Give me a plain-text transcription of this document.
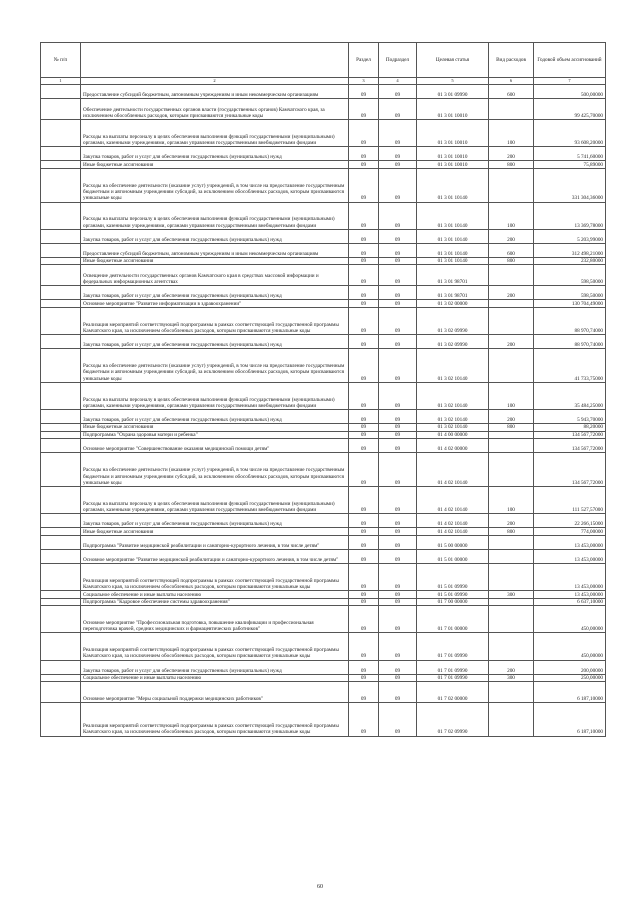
№ п/п		Раздел	Подраздел	Целевая статья	Вид расходов	Годовой объем ассигнований
1	2	3	4	5	6	7
	Предоставление субсидий бюджетным, автономным учреждениям и иным некоммерческим организациям	09	09	01 3 01 09990	600	500,00000
	Обеспечение деятельности государственных органов власти (государственных органов) Камчатского края, за исключением обособленных расходов, которым присваиваются уникальные коды	09	09	01 3 01 10010		99 425,70000
	Расходы на выплаты персоналу в целях обеспечения выполнения функций государственными (муниципальными) органами, казенными учреждениями, органами управления государственными внебюджетными фондами	09	09	01 3 01 10010	100	93 608,20000
	Закупка товаров, работ и услуг для обеспечения государственных (муниципальных) нужд	09	09	01 3 01 10010	200	5 741,60000
	Иные бюджетные ассигнования	09	09	01 3 01 10010	800	75,89000
	Расходы на обеспечение деятельности (оказание услуг) учреждений, в том числе на предоставление государственным бюджетным и автономным учреждениям субсидий, за исключением обособленных расходов, которым присваиваются уникальные коды	09	09	01 3 01 10140		331 304,36000
	Расходы на выплаты персоналу в целях обеспечения выполнения функций государственными (муниципальными) органами, казенными учреждениями, органами управления государственными внебюджетными фондами	09	09	01 3 01 10140	100	13 369,78000
	Закупка товаров, работ и услуг для обеспечения государственных (муниципальных) нужд	09	09	01 3 01 10140	200	5 203,99000
	Предоставление субсидий бюджетным, автономным учреждениям и иным некоммерческим организациям	09	09	01 3 01 10140	600	312 498,21000
	Иные бюджетные ассигнования	09	09	01 3 01 10140	800	232,80000
	Освещение деятельности государственных органов Камчатского края в средствах массовой информации и федеральных информационных агентствах	09	09	01 3 01 98701		598,50000
	Закупка товаров, работ и услуг для обеспечения государственных (муниципальных) нужд	09	09	01 3 01 98701	200	598,50000
	Основное мероприятие "Развитие информатизации в здравоохранении"	09	09	01 3 02 00000		130 704,49000
	Реализация мероприятий соответствующей подпрограммы в рамках соответствующей государственной программы Камчатского края, за исключением обособленных расходов, которым присваиваются уникальные коды	09	09	01 3 02 09990		88 970,74000
	Закупка товаров, работ и услуг для обеспечения государственных (муниципальных) нужд	09	09	01 3 02 09990	200	88 970,74000
	Расходы на обеспечение деятельности (оказание услуг) учреждений, в том числе на предоставление государственным бюджетным и автономным учреждениям субсидий, за исключением обособленных расходов, которым присваиваются уникальные коды	09	09	01 3 02 10140		41 733,75000
	Расходы на выплаты персоналу в целях обеспечения выполнения функций государственными (муниципальными) органами, казенными учреждениями, органами управления государственными внебюджетными фондами	09	09	01 3 02 10140	100	35 484,25000
	Закупка товаров, работ и услуг для обеспечения государственных (муниципальных) нужд	09	09	01 3 02 10140	200	5 943,70000
	Иные бюджетные ассигнования	09	09	01 3 02 10140	800	88,20000
	Подпрограмма "Охрана здоровья матери и ребенка"	09	09	01 4 00 00000		134 567,72000
	Основное мероприятие "Совершенствование оказания медицинской помощи детям"	09	09	01 4 02 00000		134 567,72000
	Расходы на обеспечение деятельности (оказание услуг) учреждений, в том числе на предоставление государственным бюджетным и автономным учреждениям субсидий, за исключением обособленных расходов, которым присваиваются уникальные коды	09	09	01 4 02 10140		134 567,72000
	Расходы на выплаты персоналу в целях обеспечения выполнения функций государственными (муниципальными) органами, казенными учреждениями, органами управления государственными внебюджетными фондами	09	09	01 4 02 10140	100	111 527,57000
	Закупка товаров, работ и услуг для обеспечения государственных (муниципальных) нужд	09	09	01 4 02 10140	200	22 266,15000
	Иные бюджетные ассигнования	09	09	01 4 02 10140	800	774,00000
	Подпрограмма "Развитие медицинской реабилитации и санаторно-курортного лечения, в том числе детям"	09	09	01 5 00 00000		13 453,00000
	Основное мероприятие "Развитие медицинской реабилитации и санаторно-курортного лечения, в том числе детям"	09	09	01 5 01 00000		13 453,00000
	Реализация мероприятий соответствующей подпрограммы в рамках соответствующей государственной программы Камчатского края, за исключением обособленных расходов, которым присваиваются уникальные коды	09	09	01 5 01 09990		13 453,00000
	Социальное обеспечение и иные выплаты населению	09	09	01 5 01 09990	300	13 453,00000
	Подпрограмма "Кадровое обеспечение системы здравоохранения"	09	09	01 7 00 00000		6 637,10000
	Основное мероприятие "Профессиональная подготовка, повышение квалификации и профессиональная переподготовка врачей, средних медицинских и фармацевтических работников"	09	09	01 7 01 00000		450,00000
	Реализация мероприятий соответствующей подпрограммы в рамках соответствующей государственной программы Камчатского края, за исключением обособленных расходов, которым присваиваются уникальные коды	09	09	01 7 01 09990		450,00000
	Закупка товаров, работ и услуг для обеспечения государственных (муниципальных) нужд	09	09	01 7 01 09990	200	200,00000
	Социальное обеспечение и иные выплаты населению	09	09	01 7 01 09990	300	250,00000
	Основное мероприятие "Меры социальной поддержки медицинских работников"	09	09	01 7 02 00000		6 187,10000
	Реализация мероприятий соответствующей подпрограммы в рамках соответствующей государственной программы Камчатского края, за исключением обособленных расходов, которым присваиваются уникальные коды	09	09	01 7 02 09990		6 187,10000
60
